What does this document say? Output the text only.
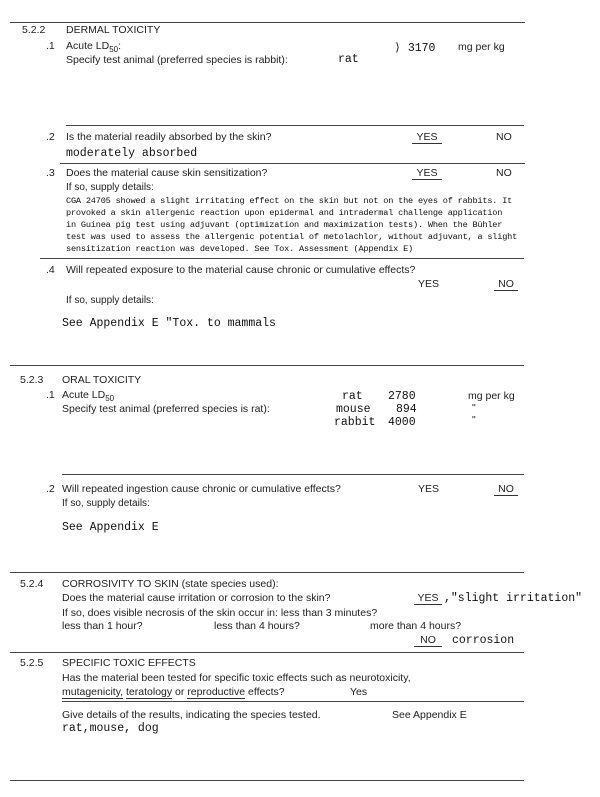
5.2.2 DERMAL TOXICITY
.1 Acute $LD_{50}$:	⟩ 3170 mg per kg
Specify test animal (preferred species is rabbit):	rat
.2 Is the material readily absorbed by the skin?	YES	NO
moderately absorbed
.3 Does the material cause skin sensitization?	YES	NO
If so, supply details:
CGA 24705 showed a slight irritating effect on the skin but not on the eyes of rabbits. It
provoked a skin allergenic reaction upon epidermal and intradermal challenge application
in Guinea pig test using adjuvant (optimization and maximization tests). When the Bühler
test was used to assess the allergenic potential of metolachlor, without adjuvant, a slight
sensitization reaction was developed. See Tox. Assessment (Appendix E)
.4 Will repeated exposure to the material cause chronic or cumulative effects?
YES	NO
If so, supply details:
See Appendix E "Tox. to mammals
5.2.3 ORAL TOXICITY
.1 Acute $LD_{50}$
Specify test animal (preferred species is rat):
rat 2780	mg per kg
mouse 894	"
rabbit 4000	"
.2 Will repeated ingestion cause chronic or cumulative effects?	YES	NO
If so, supply details:
See Appendix E
5.2.4 CORROSIVITY TO SKIN (state species used):
Does the material cause irritation or corrosion to the skin?	YES ,"slight irritation"
If so, does visible necrosis of the skin occur in: less than 3 minutes?
less than 1 hour?	less than 4 hours?	more than 4 hours?
NO	corrosion
5.2.5 SPECIFIC TOXIC EFFECTS
Has the material been tested for specific toxic effects such as neurotoxicity,
mutagenicity, teratology or reproductive effects?	Yes
Give details of the results, indicating the species tested.	See Appendix E
rat,mouse, dog
